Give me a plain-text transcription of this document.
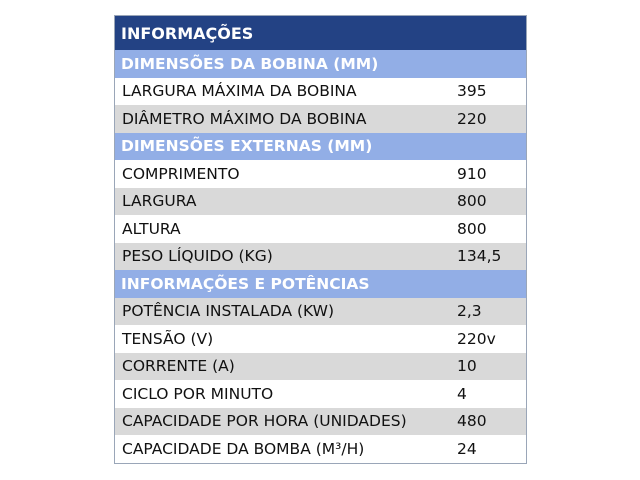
INFORMAÇÕES
DIMENSÕES DA BOBINA (MM)
LARGURA MÁXIMA DA BOBINA	395
DIÂMETRO MÁXIMO DA BOBINA	220
DIMENSÕES EXTERNAS (MM)
COMPRIMENTO	910
LARGURA	800
ALTURA	800
PESO LÍQUIDO (KG)	134,5
INFORMAÇÕES E POTÊNCIAS
POTÊNCIA INSTALADA (KW)	2,3
TENSÃO (V)	220v
CORRENTE (A)	10
CICLO POR MINUTO	4
CAPACIDADE POR HORA (UNIDADES)	480
CAPACIDADE DA BOMBA (M³/H)	24
